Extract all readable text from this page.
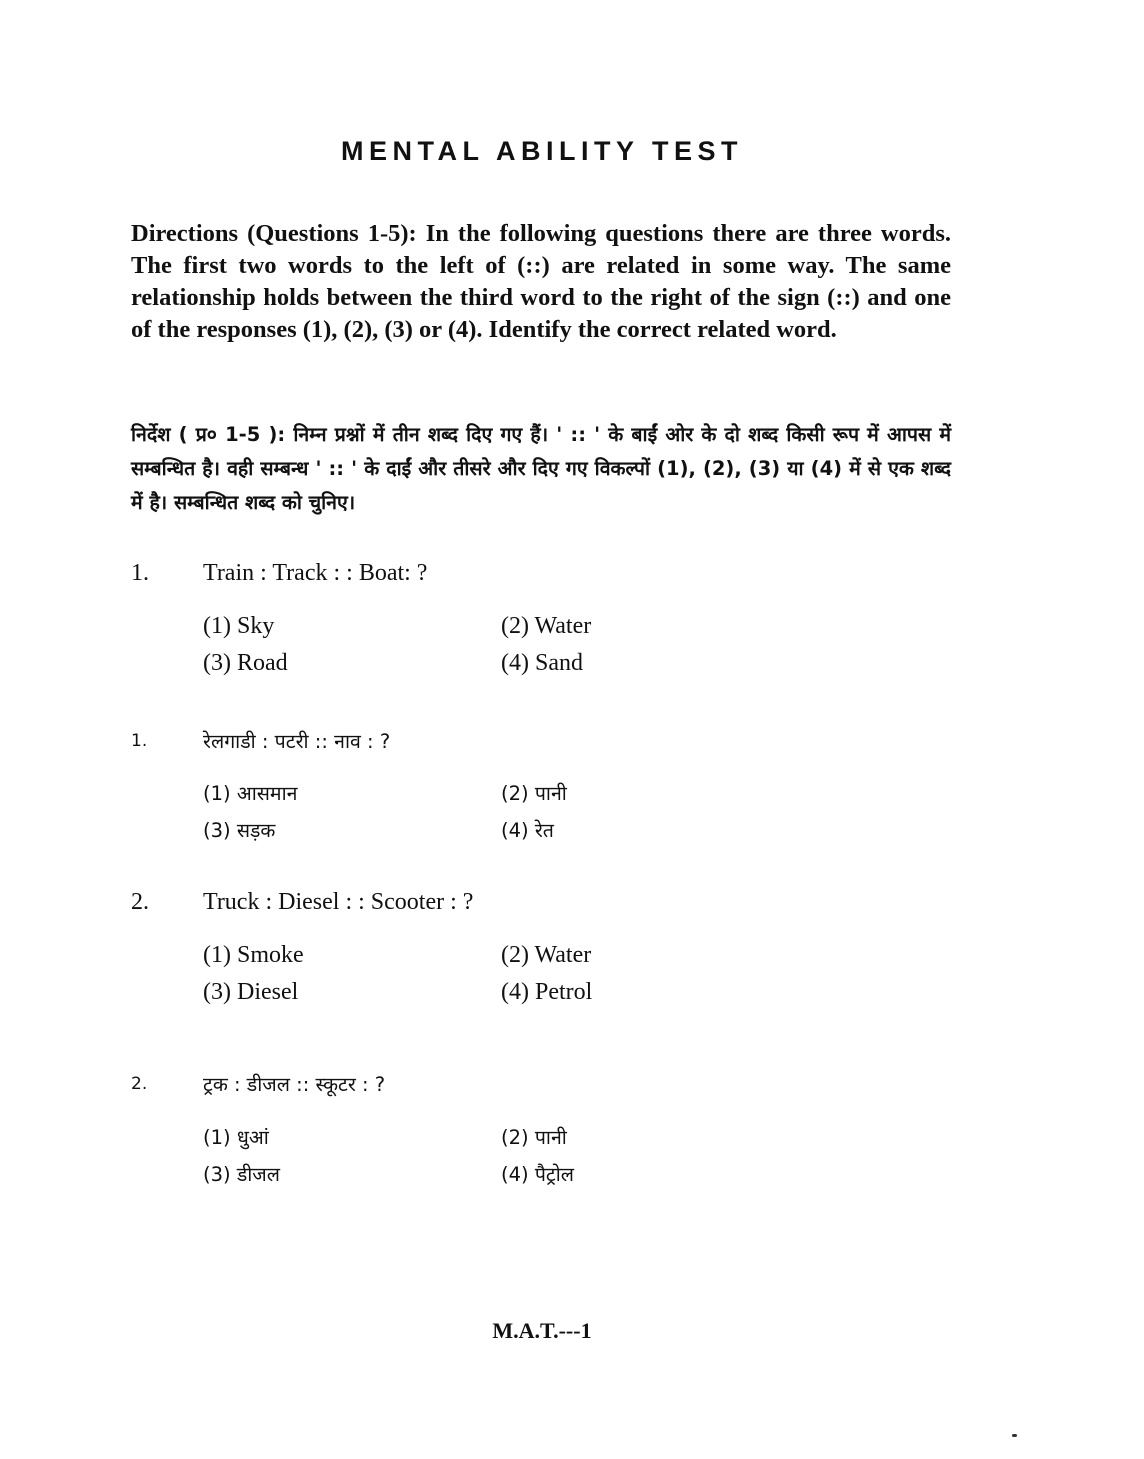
MENTAL ABILITY TEST
Directions (Questions 1-5): In the following questions there are three words. The first two words to the left of (::) are related in some way. The same relationship holds between the third word to the right of the sign (::) and one of the responses (1), (2), (3) or (4). Identify the correct related word.
निर्देश ( प्र० 1-5 ): निम्न प्रश्नों में तीन शब्द दिए गए हैं। ' :: ' के बाईं ओर के दो शब्द किसी रूप में आपस में सम्बन्धित है। वही सम्बन्ध ' :: ' के दाईं और तीसरे और दिए गए विकल्पों (1), (2), (3) या (4) में से एक शब्द में है। सम्बन्धित शब्द को चुनिए।
1. Train : Track : : Boat: ?
(1) Sky	(2) Water
(3) Road	(4) Sand
1.	रेलगाडी : पटरी :: नाव : ?
(1) आसमान	(2) पानी
(3) सड़क	(4) रेत
2. Truck : Diesel : : Scooter : ?
(1) Smoke	(2) Water
(3) Diesel	(4) Petrol
2.	ट्रक : डीजल :: स्कूटर : ?
(1) धुआं	(2) पानी
(3) डीजल	(4) पैट्रोल
M.A.T.---1
